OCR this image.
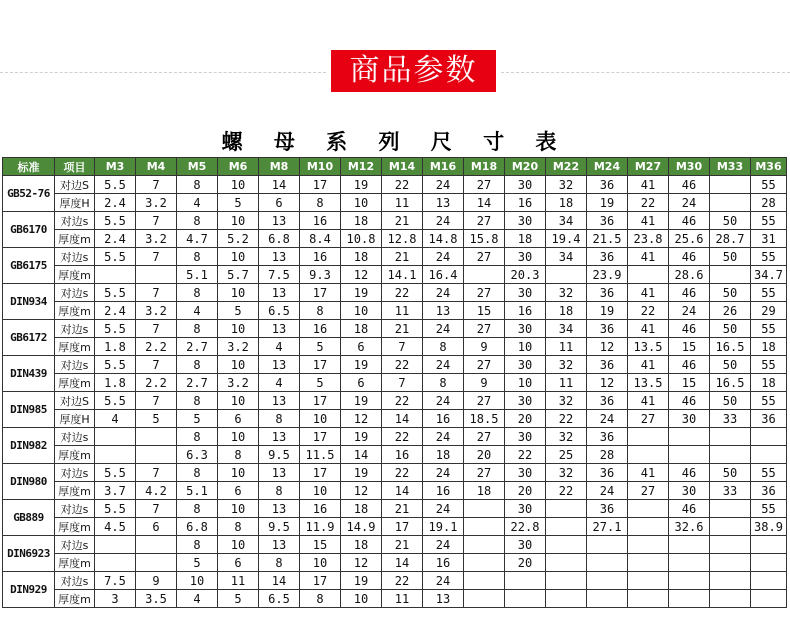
商品参数
螺 母 系 列 尺 寸 表
标准	项目	M3	M4	M5	M6	M8	M10	M12	M14	M16	M18	M20	M22	M24	M27	M30	M33	M36
GB52-76	对边S	5.5	7	8	10	14	17	19	22	24	27	30	32	36	41	46		55
	厚度H	2.4	3.2	4	5	6	8	10	11	13	14	16	18	19	22	24		28
GB6170	对边s	5.5	7	8	10	13	16	18	21	24	27	30	34	36	41	46	50	55
	厚度m	2.4	3.2	4.7	5.2	6.8	8.4	10.8	12.8	14.8	15.8	18	19.4	21.5	23.8	25.6	28.7	31
GB6175	对边s	5.5	7	8	10	13	16	18	21	24	27	30	34	36	41	46	50	55
	厚度m			5.1	5.7	7.5	9.3	12	14.1	16.4		20.3		23.9		28.6		34.7
DIN934	对边s	5.5	7	8	10	13	17	19	22	24	27	30	32	36	41	46	50	55
	厚度m	2.4	3.2	4	5	6.5	8	10	11	13	15	16	18	19	22	24	26	29
GB6172	对边s	5.5	7	8	10	13	16	18	21	24	27	30	34	36	41	46	50	55
	厚度m	1.8	2.2	2.7	3.2	4	5	6	7	8	9	10	11	12	13.5	15	16.5	18
DIN439	对边s	5.5	7	8	10	13	17	19	22	24	27	30	32	36	41	46	50	55
	厚度m	1.8	2.2	2.7	3.2	4	5	6	7	8	9	10	11	12	13.5	15	16.5	18
DIN985	对边S	5.5	7	8	10	13	17	19	22	24	27	30	32	36	41	46	50	55
	厚度H	4	5	5	6	8	10	12	14	16	18.5	20	22	24	27	30	33	36
DIN982	对边s			8	10	13	17	19	22	24	27	30	32	36				
	厚度m			6.3	8	9.5	11.5	14	16	18	20	22	25	28				
DIN980	对边s	5.5	7	8	10	13	17	19	22	24	27	30	32	36	41	46	50	55
	厚度m	3.7	4.2	5.1	6	8	10	12	14	16	18	20	22	24	27	30	33	36
GB889	对边s	5.5	7	8	10	13	16	18	21	24		30		36		46		55
	厚度m	4.5	6	6.8	8	9.5	11.9	14.9	17	19.1		22.8		27.1		32.6		38.9
DIN6923	对边s			8	10	13	15	18	21	24		30						
	厚度m			5	6	8	10	12	14	16		20						
DIN929	对边s	7.5	9	10	11	14	17	19	22	24								
	厚度m	3	3.5	4	5	6.5	8	10	11	13								
